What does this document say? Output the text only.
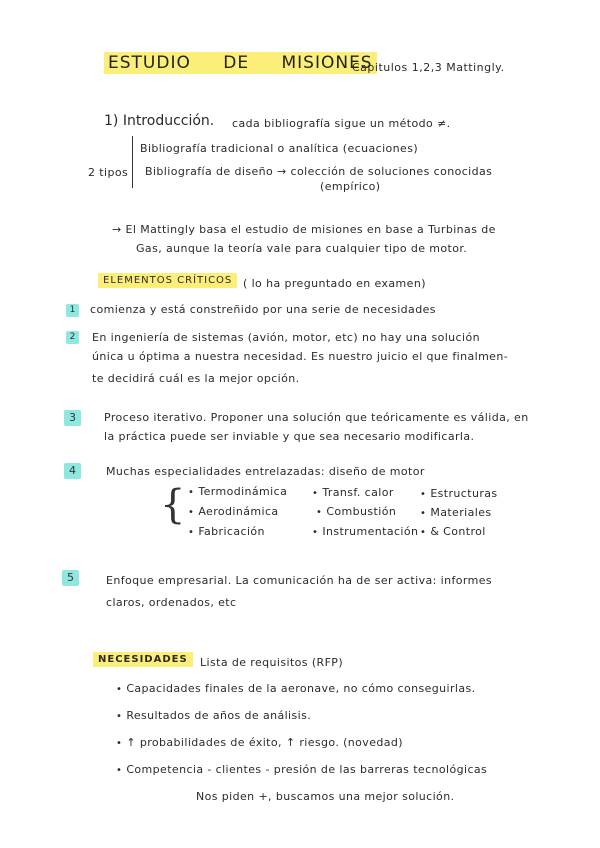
ESTUDIO DE MISIONES
Capitulos 1,2,3 Mattingly.
1) Introducción. cada bibliografía sigue un método ≠.
2 tipos
Bibliografía tradicional o analítica (ecuaciones)
Bibliografía de diseño → colección de soluciones conocidas
(empírico)
→ El Mattingly basa el estudio de misiones en base a Turbinas de
Gas, aunque la teoría vale para cualquier tipo de motor.
ELEMENTOS CRÍTICOS ( lo ha preguntado en examen)
1	comienza y está constreñido por una serie de necesidades
2	En ingeniería de sistemas (avión, motor, etc) no hay una solución
única u óptima a nuestra necesidad. Es nuestro juicio el que finalmen-
te decidirá cuál es la mejor opción.
3	Proceso iterativo. Proponer una solución que teóricamente es válida, en
la práctica puede ser inviable y que sea necesario modificarla.
4	Muchas especialidades entrelazadas: diseño de motor
{ • Termodinámica
• Aerodinámica
• Fabricación
• Transf. calor
• Combustión
• Instrumentación
• Estructuras
• Materiales
• & Control
5	Enfoque empresarial. La comunicación ha de ser activa: informes
claros, ordenados, etc
NECESIDADES	Lista de requisitos (RFP)
• Capacidades finales de la aeronave, no cómo conseguirlas.
• Resultados de años de análisis.
• ↑ probabilidades de éxito, ↑ riesgo. (novedad)
• Competencia - clientes - presión de las barreras tecnológicas
Nos piden +, buscamos una mejor solución.
